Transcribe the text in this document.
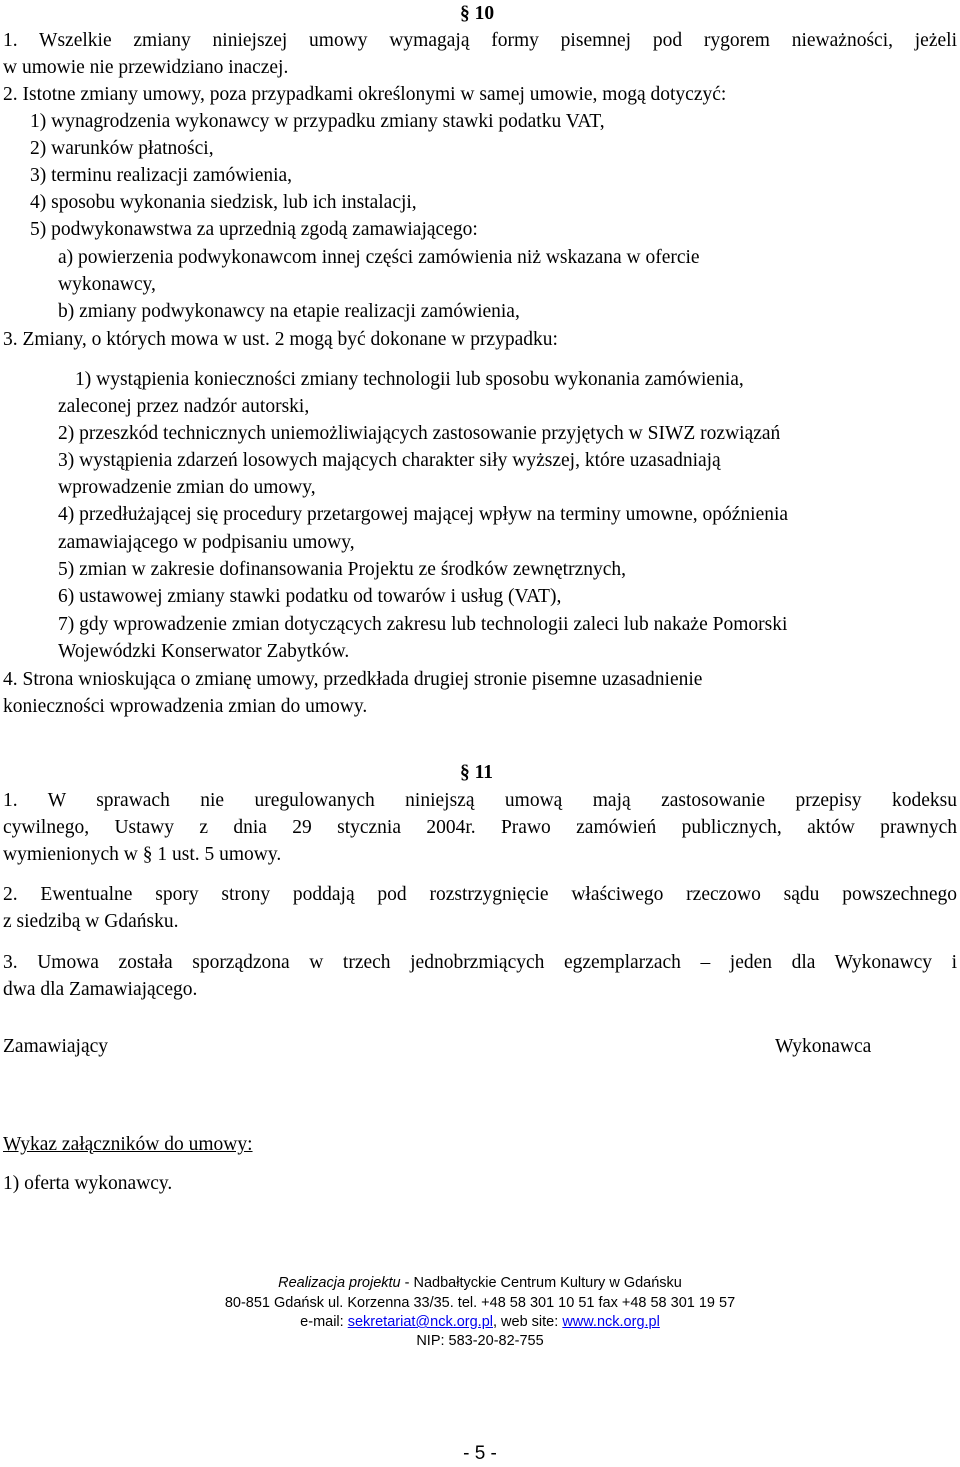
§ 10
1. Wszelkie zmiany niniejszej umowy wymagają formy pisemnej pod rygorem nieważności, jeżeli
w umowie nie przewidziano inaczej.
2. Istotne zmiany umowy, poza przypadkami określonymi w samej umowie, mogą dotyczyć:
1) wynagrodzenia wykonawcy w przypadku zmiany stawki podatku VAT,
2) warunków płatności,
3) terminu realizacji zamówienia,
4) sposobu wykonania siedzisk, lub ich instalacji,
5) podwykonawstwa za uprzednią zgodą zamawiającego:
a) powierzenia podwykonawcom innej części zamówienia niż wskazana w ofercie
wykonawcy,
b) zmiany podwykonawcy na etapie realizacji zamówienia,
3. Zmiany, o których mowa w ust. 2 mogą być dokonane w przypadku:
1) wystąpienia konieczności zmiany technologii lub sposobu wykonania zamówienia,
zaleconej przez nadzór autorski,
2) przeszkód technicznych uniemożliwiających zastosowanie przyjętych w SIWZ rozwiązań
3) wystąpienia zdarzeń losowych mających charakter siły wyższej, które uzasadniają
wprowadzenie zmian do umowy,
4) przedłużającej się procedury przetargowej mającej wpływ na terminy umowne, opóźnienia
zamawiającego w podpisaniu umowy,
5) zmian w zakresie dofinansowania Projektu ze środków zewnętrznych,
6) ustawowej zmiany stawki podatku od towarów i usług (VAT),
7) gdy wprowadzenie zmian dotyczących zakresu lub technologii zaleci lub nakaże Pomorski
Wojewódzki Konserwator Zabytków.
4. Strona wnioskująca o zmianę umowy, przedkłada drugiej stronie pisemne uzasadnienie
konieczności wprowadzenia zmian do umowy.
§ 11
1. W sprawach nie uregulowanych niniejszą umową mają zastosowanie przepisy kodeksu
cywilnego, Ustawy z dnia 29 stycznia 2004r. Prawo zamówień publicznych, aktów prawnych
wymienionych w § 1 ust. 5 umowy.
2. Ewentualne spory strony poddają pod rozstrzygnięcie właściwego rzeczowo sądu powszechnego
z siedzibą w Gdańsku.
3. Umowa została sporządzona w trzech jednobrzmiących egzemplarzach – jeden dla Wykonawcy i
dwa dla Zamawiającego.
Zamawiający	Wykonawca
Wykaz załączników do umowy:
1) oferta wykonawcy.
Realizacja projektu - Nadbałtyckie Centrum Kultury w Gdańsku
80-851 Gdańsk ul. Korzenna 33/35. tel. +48 58 301 10 51 fax +48 58 301 19 57
e-mail: sekretariat@nck.org.pl, web site: www.nck.org.pl
NIP: 583-20-82-755
- 5 -
